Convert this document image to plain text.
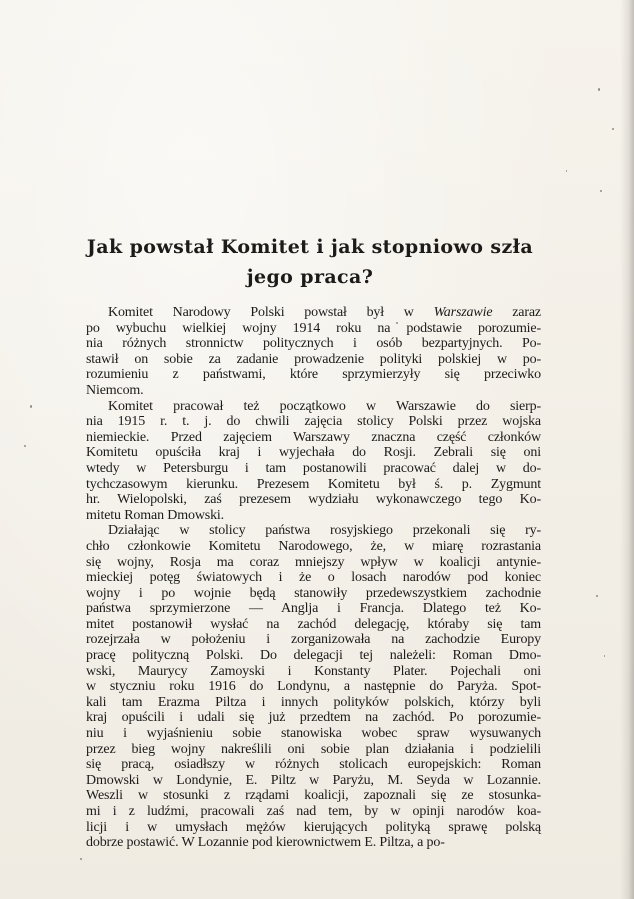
Jak powstał Komitet i jak stopniowo szła
jego praca?
Komitet Narodowy Polski powstał był w Warszawie zaraz
po wybuchu wielkiej wojny 1914 roku na podstawie porozumie-
nia różnych stronnictw politycznych i osób bezpartyjnych. Po-
stawił on sobie za zadanie prowadzenie polityki polskiej w po-
rozumieniu z państwami, które sprzymierzyły się przeciwko
Niemcom.
Komitet pracował też początkowo w Warszawie do sierp-
nia 1915 r. t. j. do chwili zajęcia stolicy Polski przez wojska
niemieckie. Przed zajęciem Warszawy znaczna część członków
Komitetu opuściła kraj i wyjechała do Rosji. Zebrali się oni
wtedy w Petersburgu i tam postanowili pracować dalej w do-
tychczasowym kierunku. Prezesem Komitetu był ś. p. Zygmunt
hr. Wielopolski, zaś prezesem wydziału wykonawczego tego Ko-
mitetu Roman Dmowski.
Działając w stolicy państwa rosyjskiego przekonali się ry-
chło członkowie Komitetu Narodowego, że, w miarę rozrastania
się wojny, Rosja ma coraz mniejszy wpływ w koalicji antynie-
mieckiej potęg światowych i że o losach narodów pod koniec
wojny i po wojnie będą stanowiły przedewszystkiem zachodnie
państwa sprzymierzone — Anglja i Francja. Dlatego też Ko-
mitet postanowił wysłać na zachód delegację, któraby się tam
rozejrzała w położeniu i zorganizowała na zachodzie Europy
pracę polityczną Polski. Do delegacji tej należeli: Roman Dmo-
wski, Maurycy Zamoyski i Konstanty Plater. Pojechali oni
w styczniu roku 1916 do Londynu, a następnie do Paryża. Spot-
kali tam Erazma Piltza i innych polityków polskich, którzy byli
kraj opuścili i udali się już przedtem na zachód. Po porozumie-
niu i wyjaśnieniu sobie stanowiska wobec spraw wysuwanych
przez bieg wojny nakreślili oni sobie plan działania i podzielili
się pracą, osiadłszy w różnych stolicach europejskich: Roman
Dmowski w Londynie, E. Piltz w Paryżu, M. Seyda w Lozannie.
Weszli w stosunki z rządami koalicji, zapoznali się ze stosunka-
mi i z ludźmi, pracowali zaś nad tem, by w opinji narodów koa-
licji i w umysłach mężów kierujących polityką sprawę polską
dobrze postawić. W Lozannie pod kierownictwem E. Piltza, a po-
